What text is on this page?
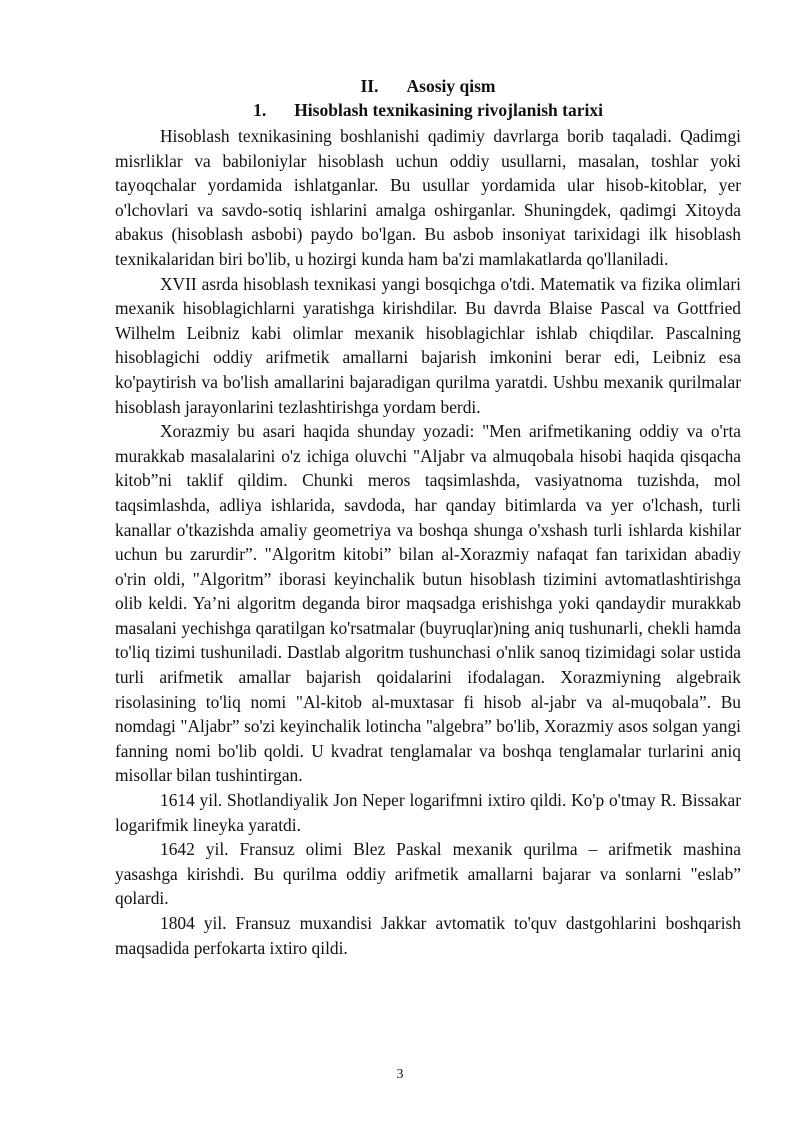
II. Asosiy qism

1. Hisoblash texnikasining rivojlanish tarixi

Hisoblash texnikasining boshlanishi qadimiy davrlarga borib taqaladi. Qadimgi misrliklar va babiloniylar hisoblash uchun oddiy usullarni, masalan, toshlar yoki tayoqchalar yordamida ishlatganlar. Bu usullar yordamida ular hisob-kitoblar, yer o'lchovlari va savdo-sotiq ishlarini amalga oshirganlar. Shuningdek, qadimgi Xitoyda abakus (hisoblash asbobi) paydo bo'lgan. Bu asbob insoniyat tarixidagi ilk hisoblash texnikalaridan biri bo'lib, u hozirgi kunda ham ba'zi mamlakatlarda qo'llaniladi.

XVII asrda hisoblash texnikasi yangi bosqichga o'tdi. Matematik va fizika olimlari mexanik hisoblagichlarni yaratishga kirishdilar. Bu davrda Blaise Pascal va Gottfried Wilhelm Leibniz kabi olimlar mexanik hisoblagichlar ishlab chiqdilar. Pascalning hisoblagichi oddiy arifmetik amallarni bajarish imkonini berar edi, Leibniz esa ko'paytirish va bo'lish amallarini bajaradigan qurilma yaratdi. Ushbu mexanik qurilmalar hisoblash jarayonlarini tezlashtirishga yordam berdi.

Xorazmiy bu asari haqida shunday yozadi: "Men arifmetikaning oddiy va o'rta murakkab masalalarini o'z ichiga oluvchi "Aljabr va almuqobala hisobi haqida qisqacha kitob”ni taklif qildim. Chunki meros taqsimlashda, vasiyatnoma tuzishda, mol taqsimlashda, adliya ishlarida, savdoda, har qanday bitimlarda va yer o'lchash, turli kanallar o'tkazishda amaliy geometriya va boshqa shunga o'xshash turli ishlarda kishilar uchun bu zarurdir”. "Algoritm kitobi” bilan al-Xorazmiy nafaqat fan tarixidan abadiy o'rin oldi, "Algoritm” iborasi keyinchalik butun hisoblash tizimini avtomatlashtirishga olib keldi. Ya’ni algoritm deganda biror maqsadga erishishga yoki qandaydir murakkab masalani yechishga qaratilgan ko'rsatmalar (buyruqlar)ning aniq tushunarli, chekli hamda to'liq tizimi tushuniladi. Dastlab algoritm tushunchasi o'nlik sanoq tizimidagi solar ustida turli arifmetik amallar bajarish qoidalarini ifodalagan. Xorazmiyning algebraik risolasining to'liq nomi "Al-kitob al-muxtasar fi hisob al-jabr va al-muqobala”. Bu nomdagi "Aljabr” so'zi keyinchalik lotincha "algebra” bo'lib, Xorazmiy asos solgan yangi fanning nomi bo'lib qoldi. U kvadrat tenglamalar va boshqa tenglamalar turlarini aniq misollar bilan tushintirgan.

1614 yil. Shotlandiyalik Jon Neper logarifmni ixtiro qildi. Ko'p o'tmay R. Bissakar logarifmik lineyka yaratdi.

1642 yil. Fransuz olimi Blez Paskal mexanik qurilma – arifmetik mashina yasashga kirishdi. Bu qurilma oddiy arifmetik amallarni bajarar va sonlarni "eslab” qolardi.

1804 yil. Fransuz muxandisi Jakkar avtomatik to'quv dastgohlarini boshqarish maqsadida perfokarta ixtiro qildi.

3
